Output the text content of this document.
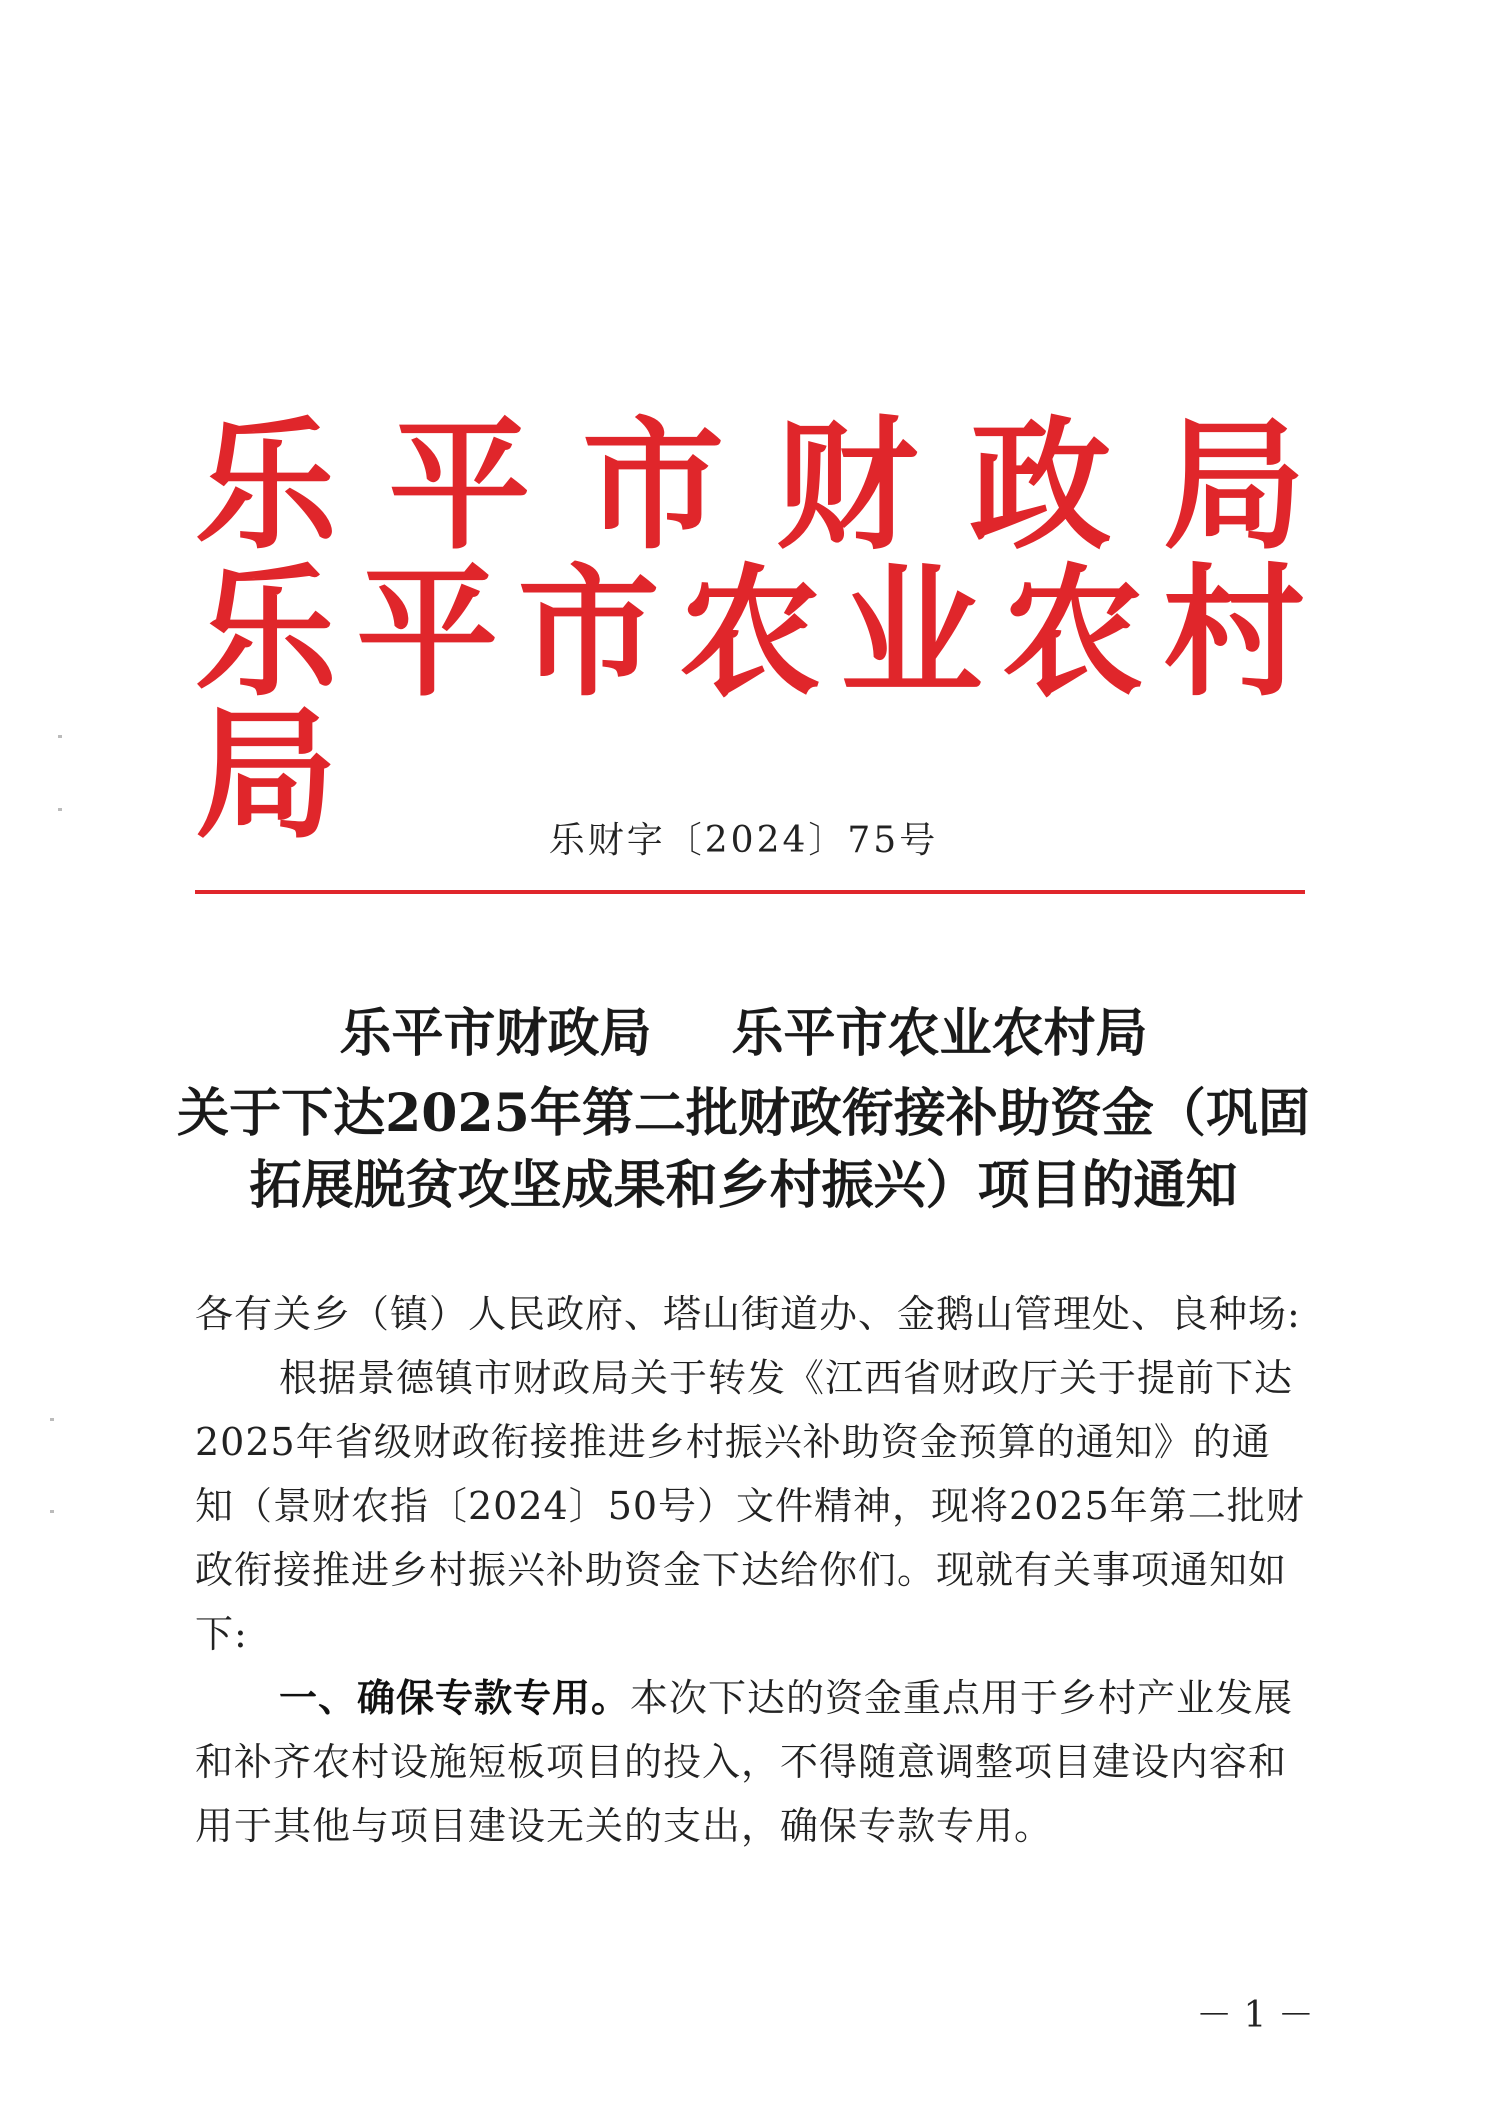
乐平市财政局
乐平市农业农村局	乐财字〔2024〕75号
乐平市财政局 乐平市农业农村局
关于下达2025年第二批财政衔接补助资金（巩固
拓展脱贫攻坚成果和乡村振兴）项目的通知

各有关乡（镇）人民政府、塔山街道办、金鹅山管理处、良种场:

根据景德镇市财政局关于转发《江西省财政厅关于提前下达2025年省级财政衔接推进乡村振兴补助资金预算的通知》的通知（景财农指〔2024〕50号）文件精神，现将2025年第二批财政衔接推进乡村振兴补助资金下达给你们。现就有关事项通知如下:

一、确保专款专用。本次下达的资金重点用于乡村产业发展和补齐农村设施短板项目的投入，不得随意调整项目建设内容和用于其他与项目建设无关的支出，确保专款专用。

－ 1 －
